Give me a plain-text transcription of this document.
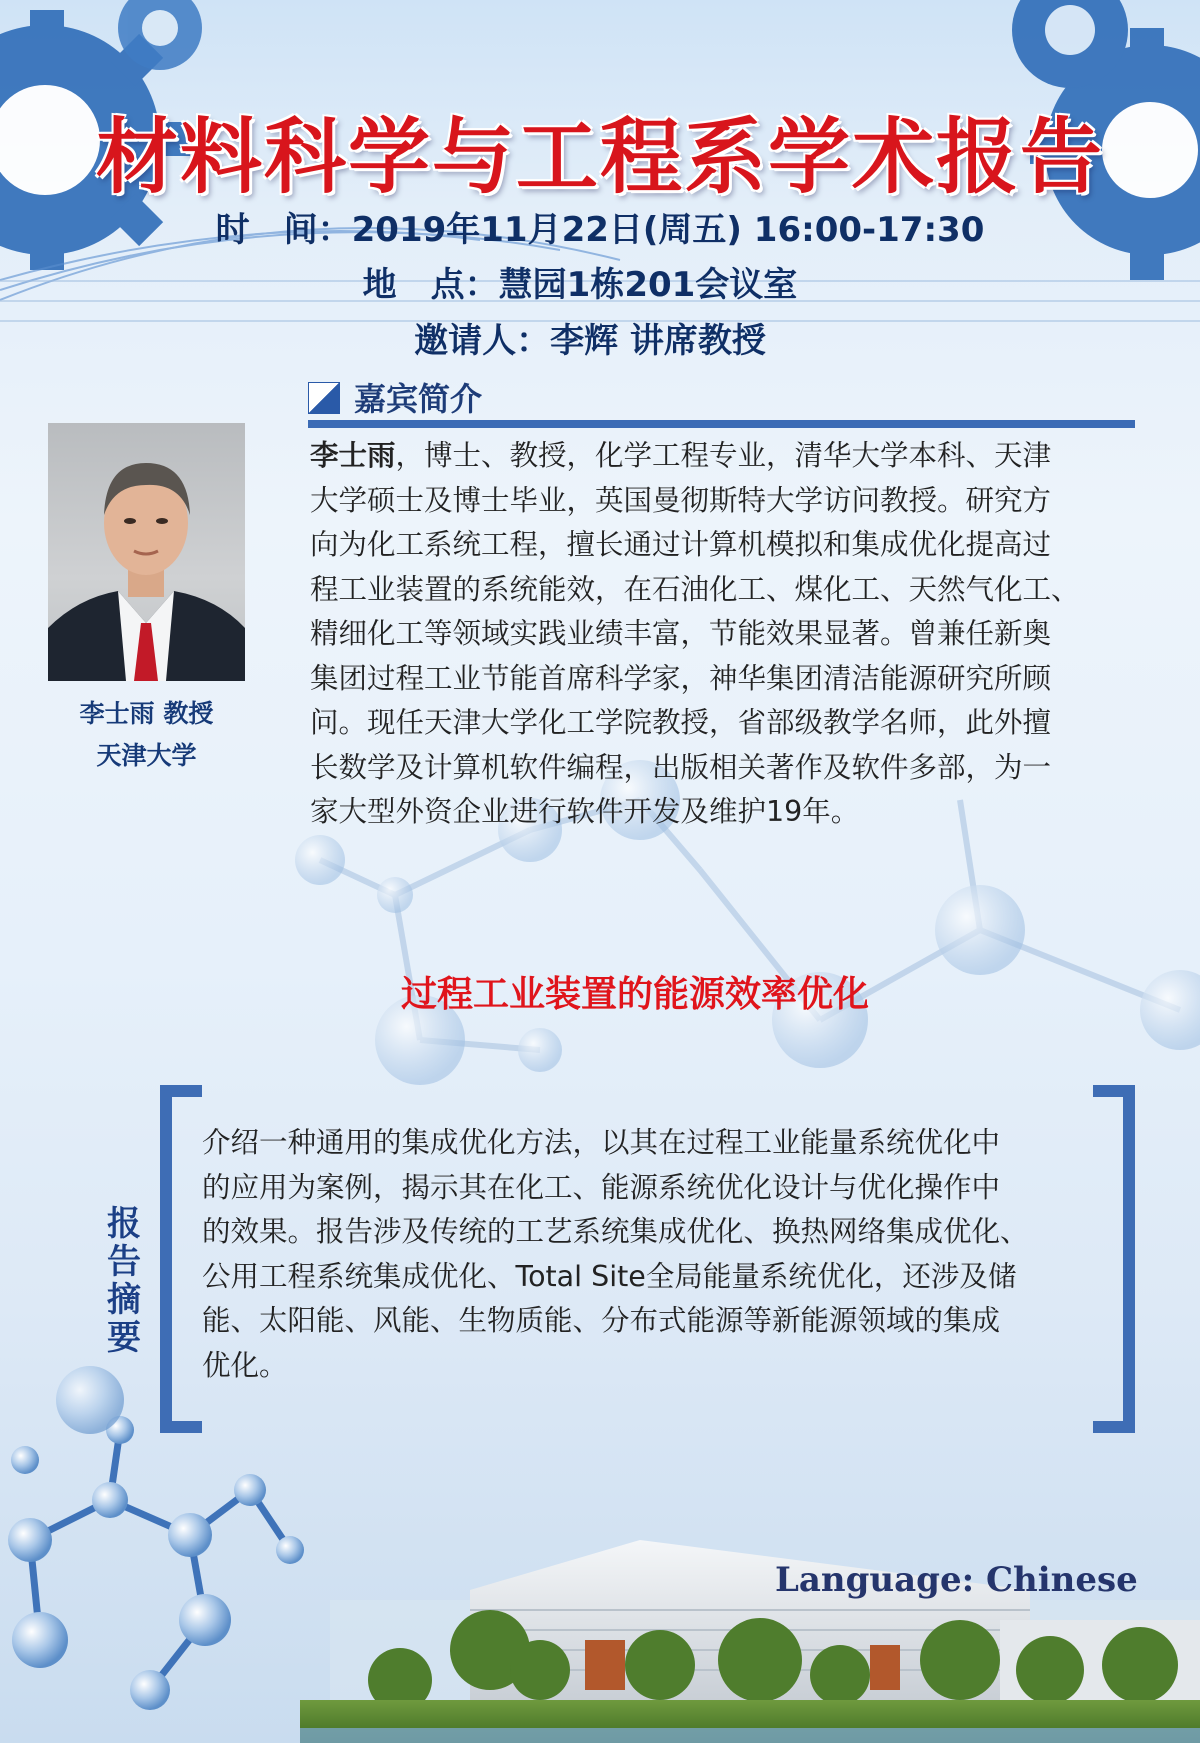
材料科学与工程系学术报告
时　间：2019年11月22日(周五) 16:00-17:30
地　点：慧园1栋201会议室
邀请人：李辉 讲席教授
嘉宾简介
李士雨 教授
天津大学
李士雨，博士、教授，化学工程专业，清华大学本科、天津
大学硕士及博士毕业，英国曼彻斯特大学访问教授。研究方
向为化工系统工程，擅长通过计算机模拟和集成优化提高过
程工业装置的系统能效，在石油化工、煤化工、天然气化工、
精细化工等领域实践业绩丰富，节能效果显著。曾兼任新奥
集团过程工业节能首席科学家，神华集团清洁能源研究所顾
问。现任天津大学化工学院教授，省部级教学名师，此外擅
长数学及计算机软件编程，出版相关著作及软件多部，为一
家大型外资企业进行软件开发及维护19年。
过程工业装置的能源效率优化
报
告
摘
要
介绍一种通用的集成优化方法，以其在过程工业能量系统优化中
的应用为案例，揭示其在化工、能源系统优化设计与优化操作中
的效果。报告涉及传统的工艺系统集成优化、换热网络集成优化、
公用工程系统集成优化、Total Site全局能量系统优化，还涉及储
能、太阳能、风能、生物质能、分布式能源等新能源领域的集成
优化。
Language: Chinese
